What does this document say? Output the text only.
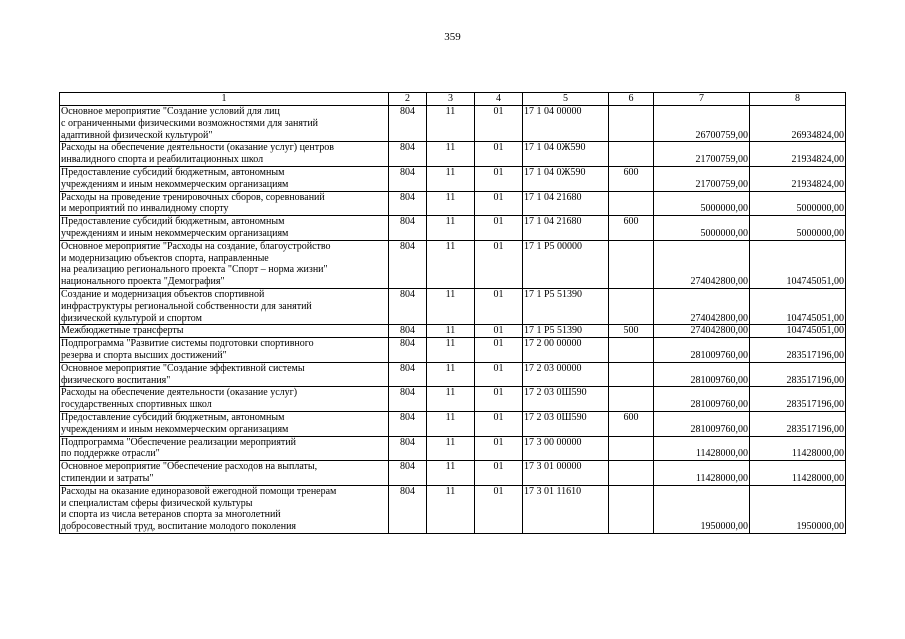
359
1	2	3	4	5	6	7	8

Основное мероприятие "Создание условий для лиц
с ограниченными физическими возможностями для занятий
адаптивной физической культурой"	804	11	01	17 1 04 00000		26700759,00	26934824,00

Расходы на обеспечение деятельности (оказание услуг) центров
инвалидного спорта и реабилитационных школ	804	11	01	17 1 04 0Ж590		21700759,00	21934824,00

Предоставление субсидий бюджетным, автономным
учреждениям и иным некоммерческим организациям	804	11	01	17 1 04 0Ж590	600	21700759,00	21934824,00

Расходы на проведение тренировочных сборов, соревнований
и мероприятий по инвалидному спорту	804	11	01	17 1 04 21680		5000000,00	5000000,00

Предоставление субсидий бюджетным, автономным
учреждениям и иным некоммерческим организациям	804	11	01	17 1 04 21680	600	5000000,00	5000000,00

Основное мероприятие "Расходы на создание, благоустройство
и модернизацию объектов спорта, направленные
на реализацию регионального проекта "Спорт – норма жизни"
национального проекта "Демография"	804	11	01	17 1 P5 00000		274042800,00	104745051,00

Создание и модернизация объектов спортивной
инфраструктуры региональной собственности для занятий
физической культурой и спортом	804	11	01	17 1 P5 51390		274042800,00	104745051,00

Межбюджетные трансферты	804	11	01	17 1 P5 51390	500	274042800,00	104745051,00

Подпрограмма "Развитие системы подготовки спортивного
резерва и спорта высших достижений"	804	11	01	17 2 00 00000		281009760,00	283517196,00

Основное мероприятие "Создание эффективной системы
физического воспитания"	804	11	01	17 2 03 00000		281009760,00	283517196,00

Расходы на обеспечение деятельности (оказание услуг)
государственных спортивных школ	804	11	01	17 2 03 0Ш590		281009760,00	283517196,00

Предоставление субсидий бюджетным, автономным
учреждениям и иным некоммерческим организациям	804	11	01	17 2 03 0Ш590	600	281009760,00	283517196,00

Подпрограмма "Обеспечение реализации мероприятий
по поддержке отрасли"	804	11	01	17 3 00 00000		11428000,00	11428000,00

Основное мероприятие "Обеспечение расходов на выплаты,
стипендии и затраты"	804	11	01	17 3 01 00000		11428000,00	11428000,00

Расходы на оказание единоразовой ежегодной помощи тренерам
и специалистам сферы физической культуры
и спорта из числа ветеранов спорта за многолетний
добросовестный труд, воспитание молодого поколения	804	11	01	17 3 01 11610		1950000,00	1950000,00
